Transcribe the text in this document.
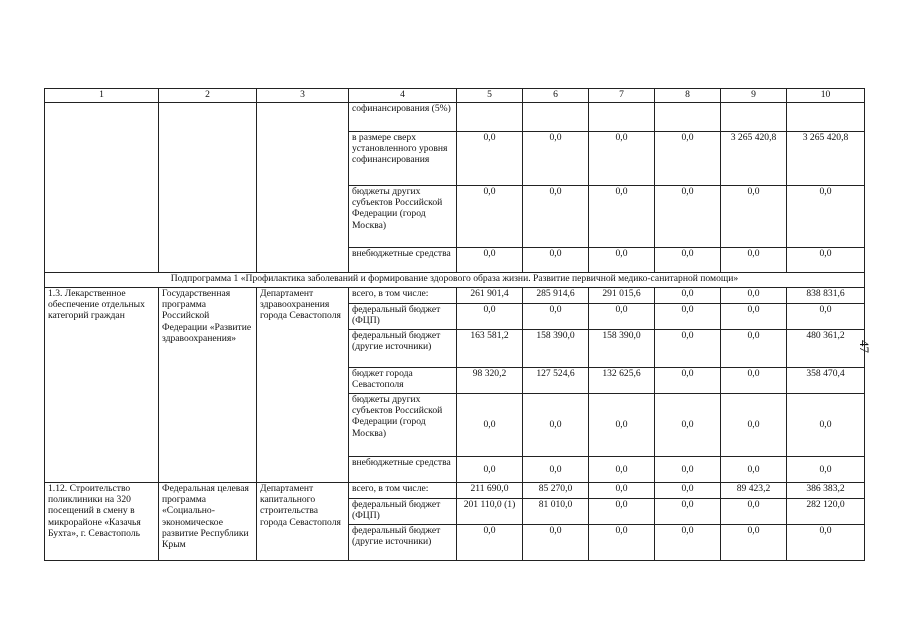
47
1	2	3	4	5	6	7	8	9	10
			софинансирования (5%)						
			в размере сверх установленного уровня софинансирования	0,0	0,0	0,0	0,0	3 265 420,8	3 265 420,8
			бюджеты других субъектов Российской Федерации (город Москва)	0,0	0,0	0,0	0,0	0,0	0,0
			внебюджетные средства	0,0	0,0	0,0	0,0	0,0	0,0
Подпрограмма 1 «Профилактика заболеваний и формирование здорового образа жизни. Развитие первичной медико-санитарной помощи»									
1.3. Лекарственное обеспечение отдельных категорий граждан	Государственная программа Российской Федерации «Развитие здравоохранения»	Департамент здравоохранения города Севастополя	всего, в том числе:	261 901,4	285 914,6	291 015,6	0,0	0,0	838 831,6
			федеральный бюджет (ФЦП)	0,0	0,0	0,0	0,0	0,0	0,0
			федеральный бюджет (другие источники)	163 581,2	158 390,0	158 390,0	0,0	0,0	480 361,2
			бюджет города Севастополя	98 320,2	127 524,6	132 625,6	0,0	0,0	358 470,4
			бюджеты других субъектов Российской Федерации (город Москва)	0,0	0,0	0,0	0,0	0,0	0,0
			внебюджетные средства	0,0	0,0	0,0	0,0	0,0	0,0
1.12. Строительство поликлиники на 320 посещений в смену в микрорайоне «Казачья Бухта», г. Севастополь	Федеральная целевая программа «Социально-экономическое развитие Республики Крым	Департамент капитального строительства города Севастополя	всего, в том числе:	211 690,0	85 270,0	0,0	0,0	89 423,2	386 383,2
			федеральный бюджет (ФЦП)	201 110,0 (1)	81 010,0	0,0	0,0	0,0	282 120,0
			федеральный бюджет (другие источники)	0,0	0,0	0,0	0,0	0,0	0,0
